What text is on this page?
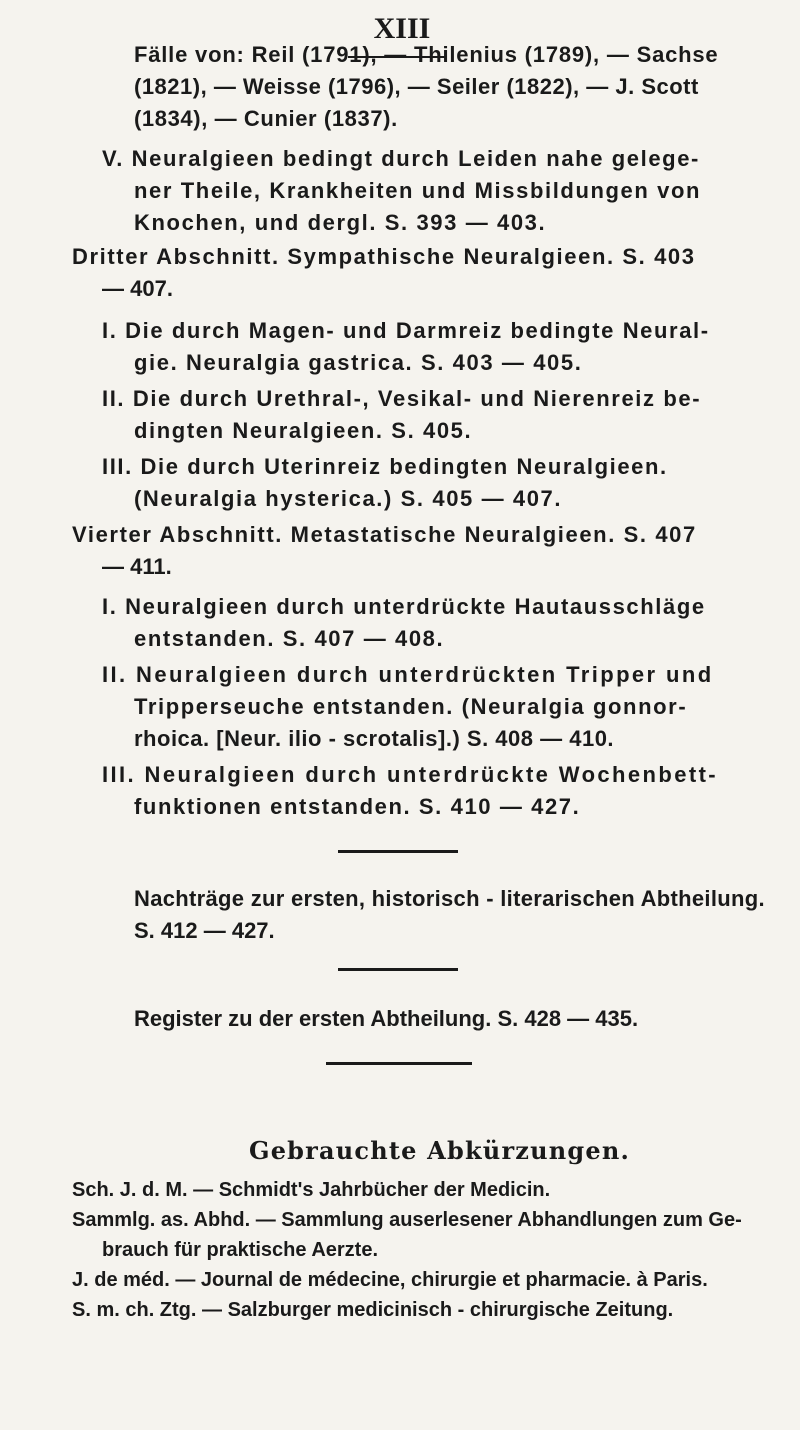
XIII
Fälle von: Reil (1791), — Thilenius (1789), — Sachse
(1821), — Weisse (1796), — Seiler (1822), — J. Scott
(1834), — Cunier (1837).
V. Neuralgieen bedingt durch Leiden nahe gelege-
ner Theile, Krankheiten und Missbildungen von
Knochen, und dergl. S. 393 — 403.
Dritter Abschnitt. Sympathische Neuralgieen. S. 403
— 407.
I. Die durch Magen- und Darmreiz bedingte Neural-
gie. Neuralgia gastrica. S. 403 — 405.
II. Die durch Urethral-, Vesikal- und Nierenreiz be-
dingten Neuralgieen. S. 405.
III. Die durch Uterinreiz bedingten Neuralgieen.
(Neuralgia hysterica.) S. 405 — 407.
Vierter Abschnitt. Metastatische Neuralgieen. S. 407
— 411.
I. Neuralgieen durch unterdrückte Hautausschläge
entstanden. S. 407 — 408.
II. Neuralgieen durch unterdrückten Tripper und
Tripperseuche entstanden. (Neuralgia gonnor-
rhoica. [Neur. ilio - scrotalis].) S. 408 — 410.
III. Neuralgieen durch unterdrückte Wochenbett-
funktionen entstanden. S. 410 — 427.
Nachträge zur ersten, historisch - literarischen Abtheilung.
S. 412 — 427.
Register zu der ersten Abtheilung. S. 428 — 435.
Gebrauchte Abkürzungen.
Sch. J. d. M. — Schmidt's Jahrbücher der Medicin.
Sammlg. as. Abhd. — Sammlung auserlesener Abhandlungen zum Ge-
brauch für praktische Aerzte.
J. de méd. — Journal de médecine, chirurgie et pharmacie. à Paris.
S. m. ch. Ztg. — Salzburger medicinisch - chirurgische Zeitung.
